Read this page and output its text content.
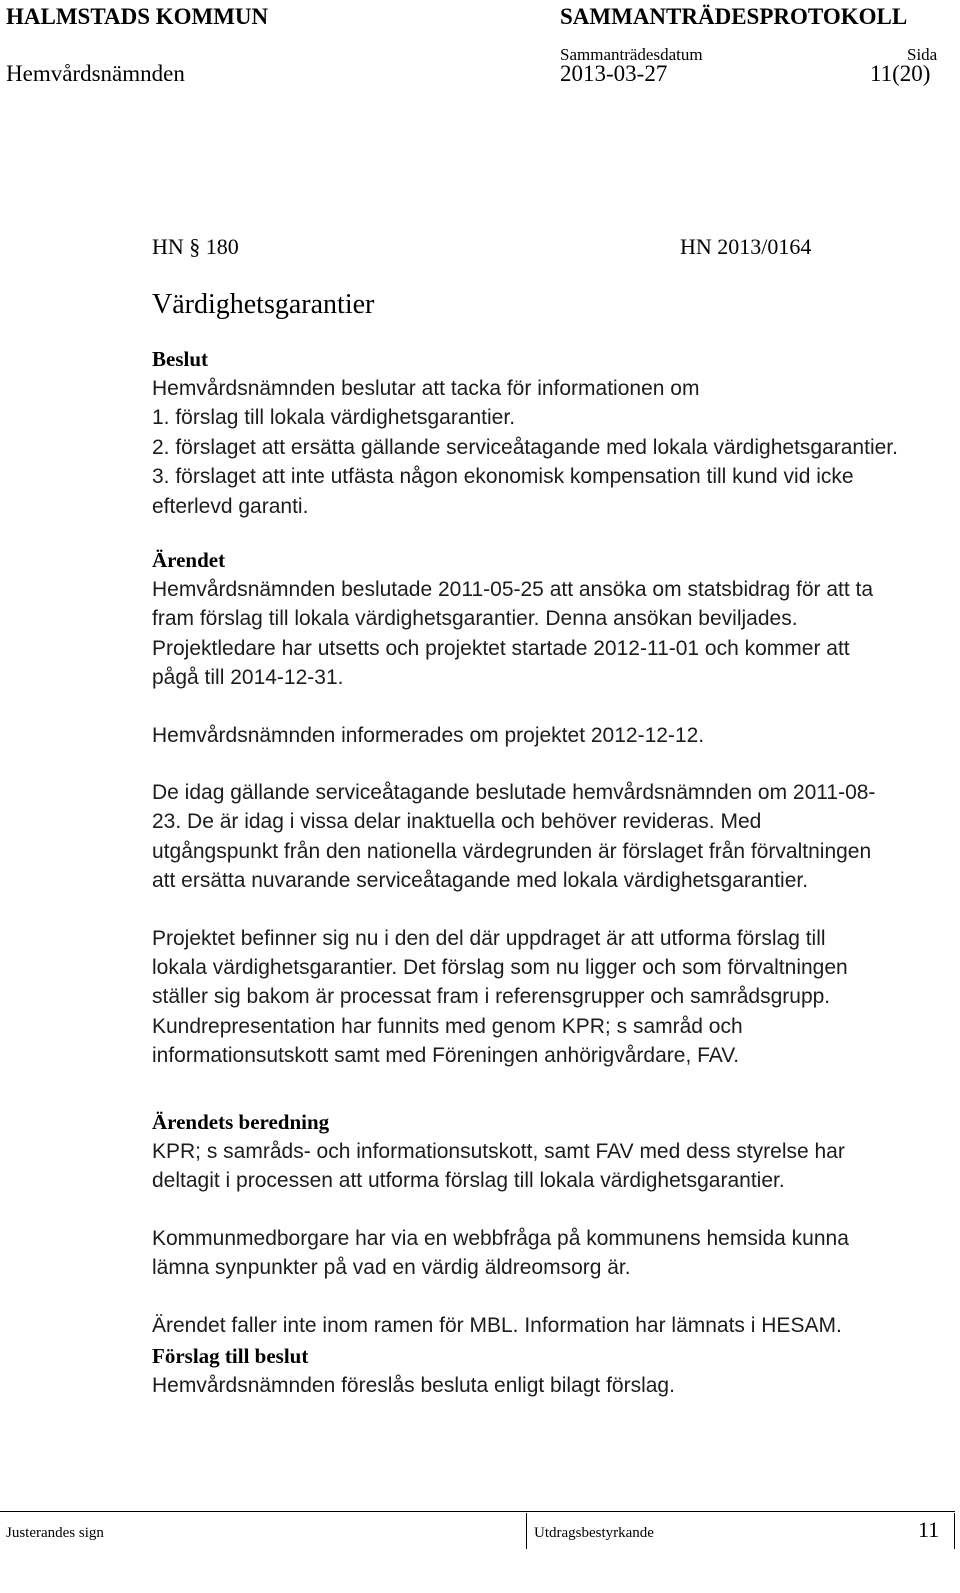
HALMSTADS KOMMUN	SAMMANTRÄDESPROTOKOLL
Sammanträdesdatum	Sida
Hemvårdsnämnden	2013-03-27	11(20)
HN § 180	HN 2013/0164
Värdighetsgarantier
Beslut
Hemvårdsnämnden beslutar att tacka för informationen om
1. förslag till lokala värdighetsgarantier.
2. förslaget att ersätta gällande serviceåtagande med lokala värdighetsgarantier.
3. förslaget att inte utfästa någon ekonomisk kompensation till kund vid icke
efterlevd garanti.
Ärendet
Hemvårdsnämnden beslutade 2011-05-25 att ansöka om statsbidrag för att ta
fram förslag till lokala värdighetsgarantier. Denna ansökan beviljades.
Projektledare har utsetts och projektet startade 2012-11-01 och kommer att
pågå till 2014-12-31.
Hemvårdsnämnden informerades om projektet 2012-12-12.
De idag gällande serviceåtagande beslutade hemvårdsnämnden om 2011-08-
23. De är idag i vissa delar inaktuella och behöver revideras. Med
utgångspunkt från den nationella värdegrunden är förslaget från förvaltningen
att ersätta nuvarande serviceåtagande med lokala värdighetsgarantier.
Projektet befinner sig nu i den del där uppdraget är att utforma förslag till
lokala värdighetsgarantier. Det förslag som nu ligger och som förvaltningen
ställer sig bakom är processat fram i referensgrupper och samrådsgrupp.
Kundrepresentation har funnits med genom KPR; s samråd och
informationsutskott samt med Föreningen anhörigvårdare, FAV.
Ärendets beredning
KPR; s samråds- och informationsutskott, samt FAV med dess styrelse har
deltagit i processen att utforma förslag till lokala värdighetsgarantier.
Kommunmedborgare har via en webbfråga på kommunens hemsida kunna
lämna synpunkter på vad en värdig äldreomsorg är.
Ärendet faller inte inom ramen för MBL. Information har lämnats i HESAM.
Förslag till beslut
Hemvårdsnämnden föreslås besluta enligt bilagt förslag.
Justerandes sign	Utdragsbestyrkande	11
